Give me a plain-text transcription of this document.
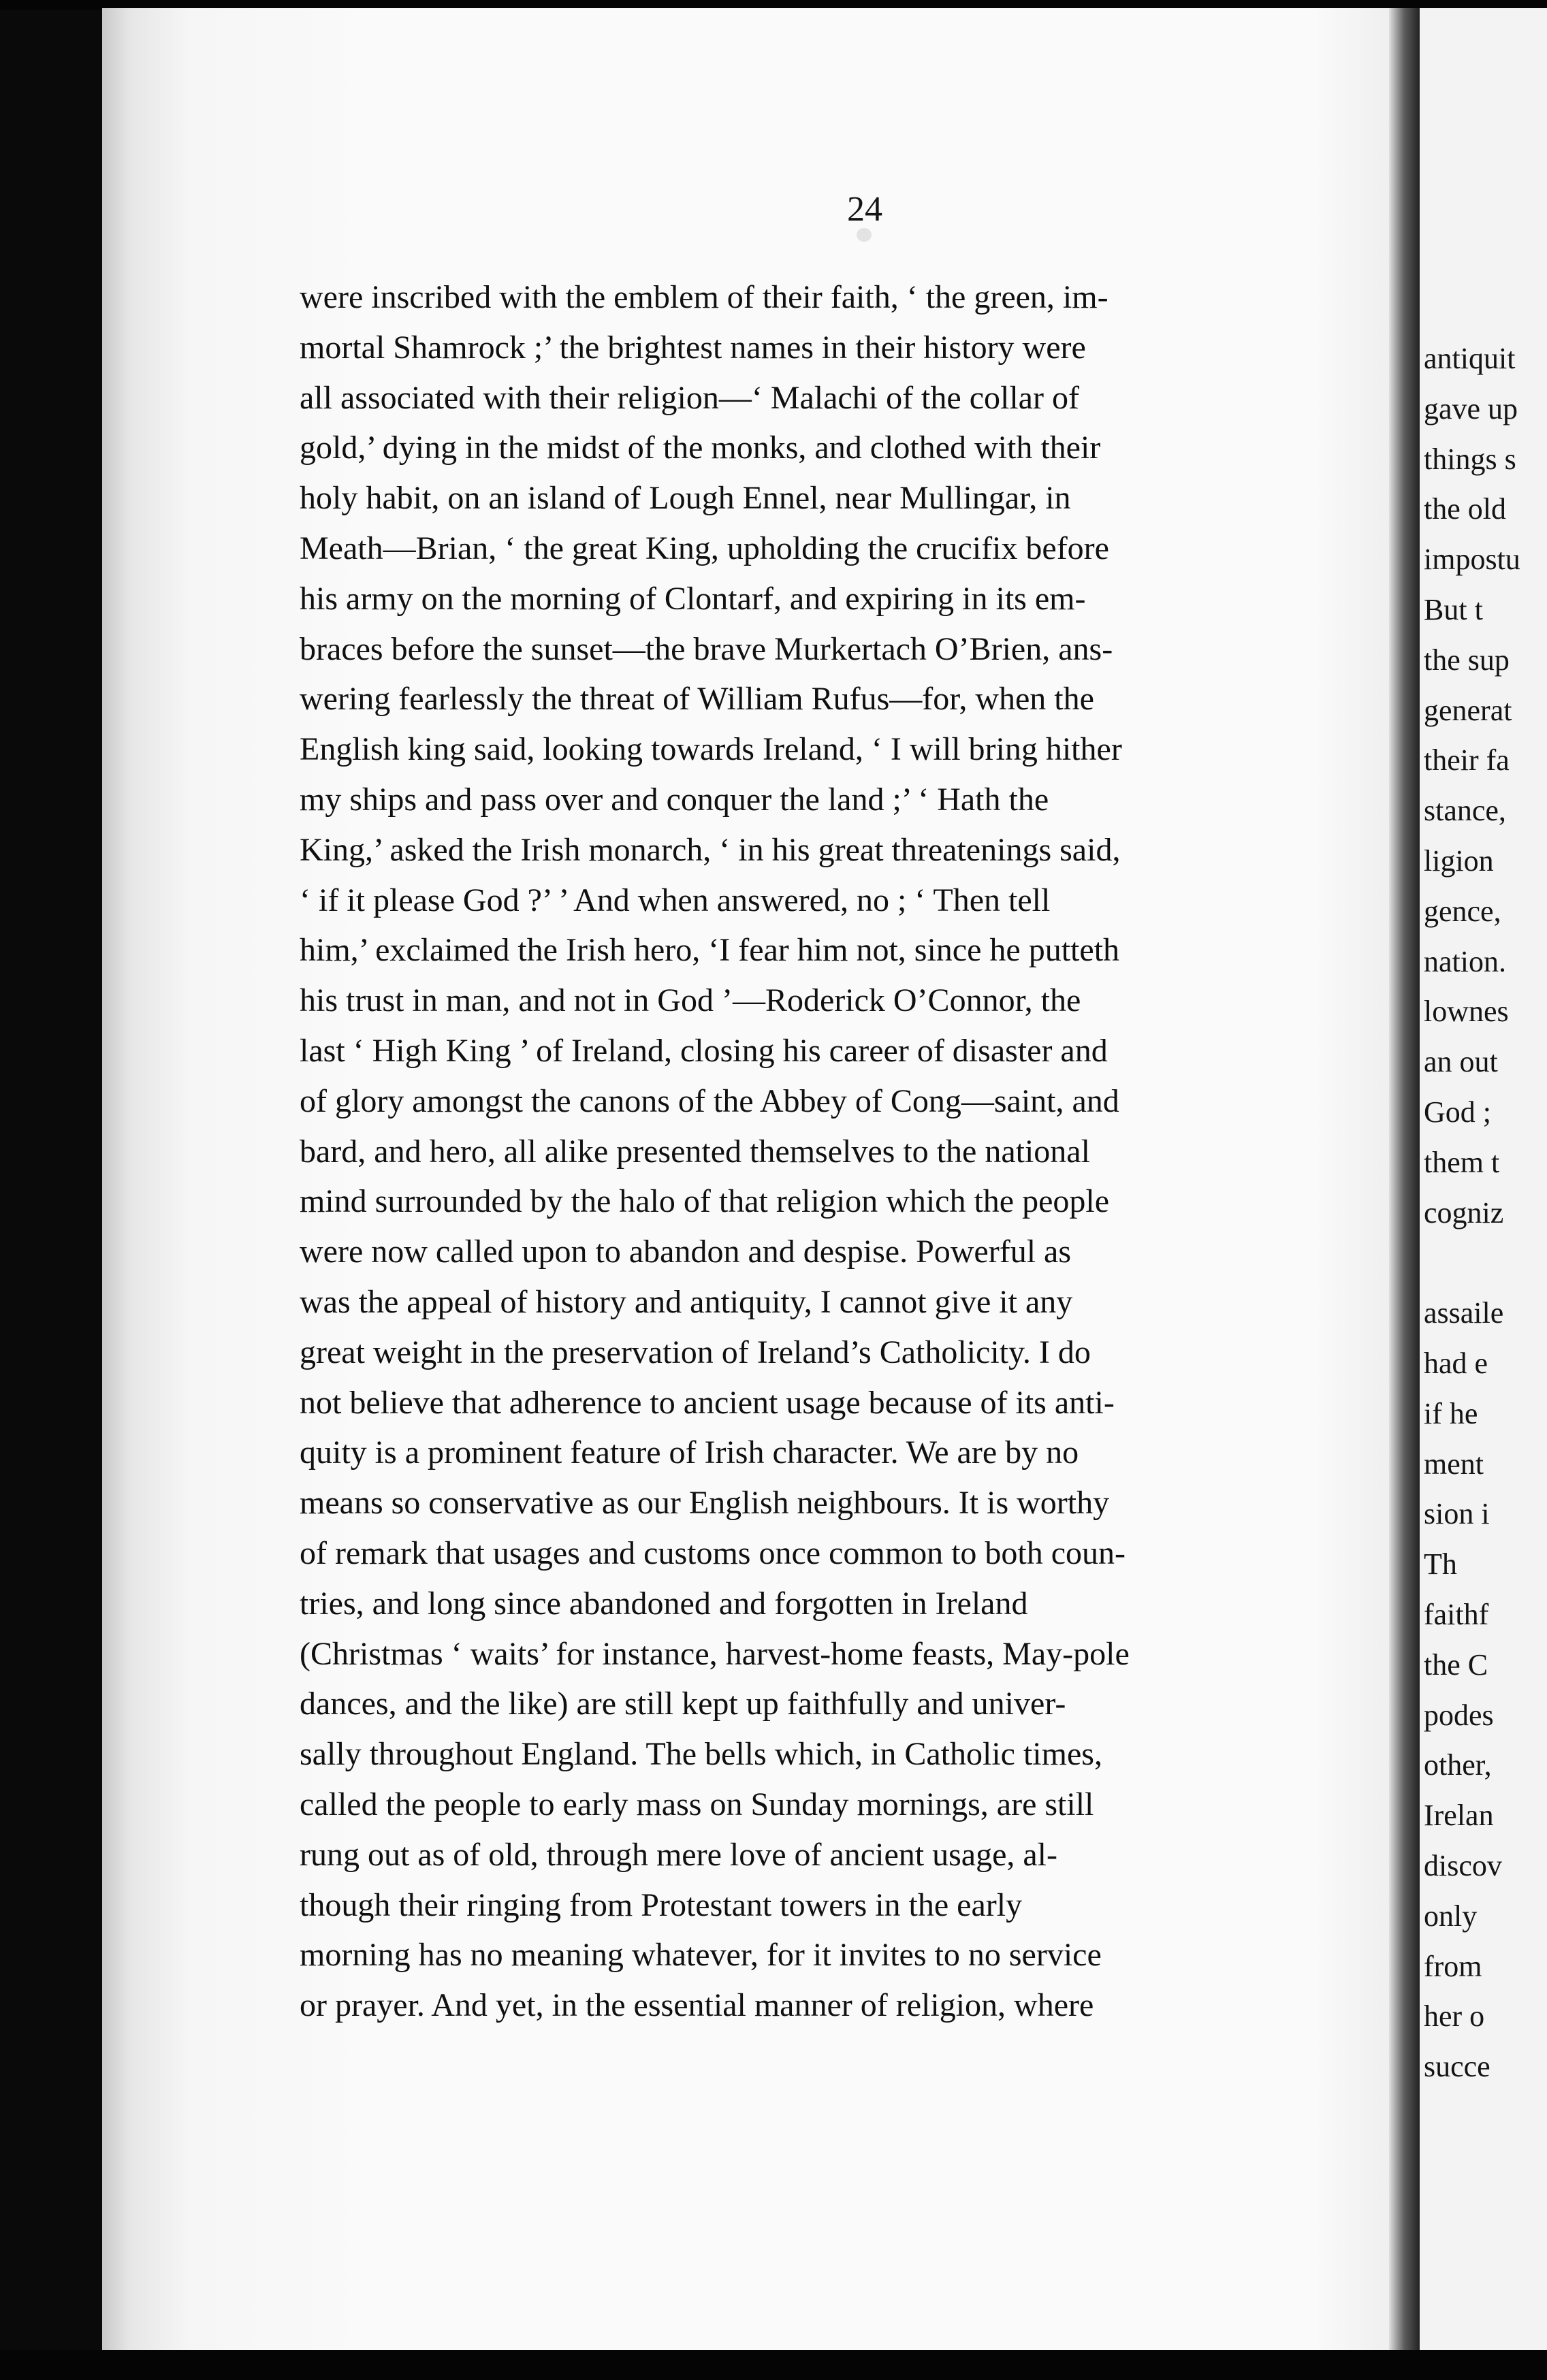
24
were inscribed with the emblem of their faith, ‘ the green, im-
mortal Shamrock ;’ the brightest names in their history were
all associated with their religion—‘ Malachi of the collar of
gold,’ dying in the midst of the monks, and clothed with their
holy habit, on an island of Lough Ennel, near Mullingar, in
Meath—Brian, ‘ the great King, upholding the crucifix before
his army on the morning of Clontarf, and expiring in its em-
braces before the sunset—the brave Murkertach O’Brien, ans-
wering fearlessly the threat of William Rufus—for, when the
English king said, looking towards Ireland, ‘ I will bring hither
my ships and pass over and conquer the land ;’ ‘ Hath the
King,’ asked the Irish monarch, ‘ in his great threatenings said,
‘ if it please God ?’ ’ And when answered, no ; ‘ Then tell
him,’ exclaimed the Irish hero, ‘I fear him not, since he putteth
his trust in man, and not in God ’—Roderick O’Connor, the
last ‘ High King ’ of Ireland, closing his career of disaster and
of glory amongst the canons of the Abbey of Cong—saint, and
bard, and hero, all alike presented themselves to the national
mind surrounded by the halo of that religion which the people
were now called upon to abandon and despise. Powerful as
was the appeal of history and antiquity, I cannot give it any
great weight in the preservation of Ireland’s Catholicity. I do
not believe that adherence to ancient usage because of its anti-
quity is a prominent feature of Irish character. We are by no
means so conservative as our English neighbours. It is worthy
of remark that usages and customs once common to both coun-
tries, and long since abandoned and forgotten in Ireland
(Christmas ‘ waits’ for instance, harvest-home feasts, May-pole
dances, and the like) are still kept up faithfully and univer-
sally throughout England. The bells which, in Catholic times,
called the people to early mass on Sunday mornings, are still
rung out as of old, through mere love of ancient usage, al-
though their ringing from Protestant towers in the early
morning has no meaning whatever, for it invites to no service
or prayer. And yet, in the essential manner of religion, where
antiquit
gave up
things s
the old
impostu
But t
the sup
generat
their fa
stance,
ligion
gence,
nation.
lownes
an out
God ;
them t
cogniz
assaile
had e
if he
ment
sion i
Th
faithf
the C
podes
other,
Irelan
discov
only
from
her o
succe
